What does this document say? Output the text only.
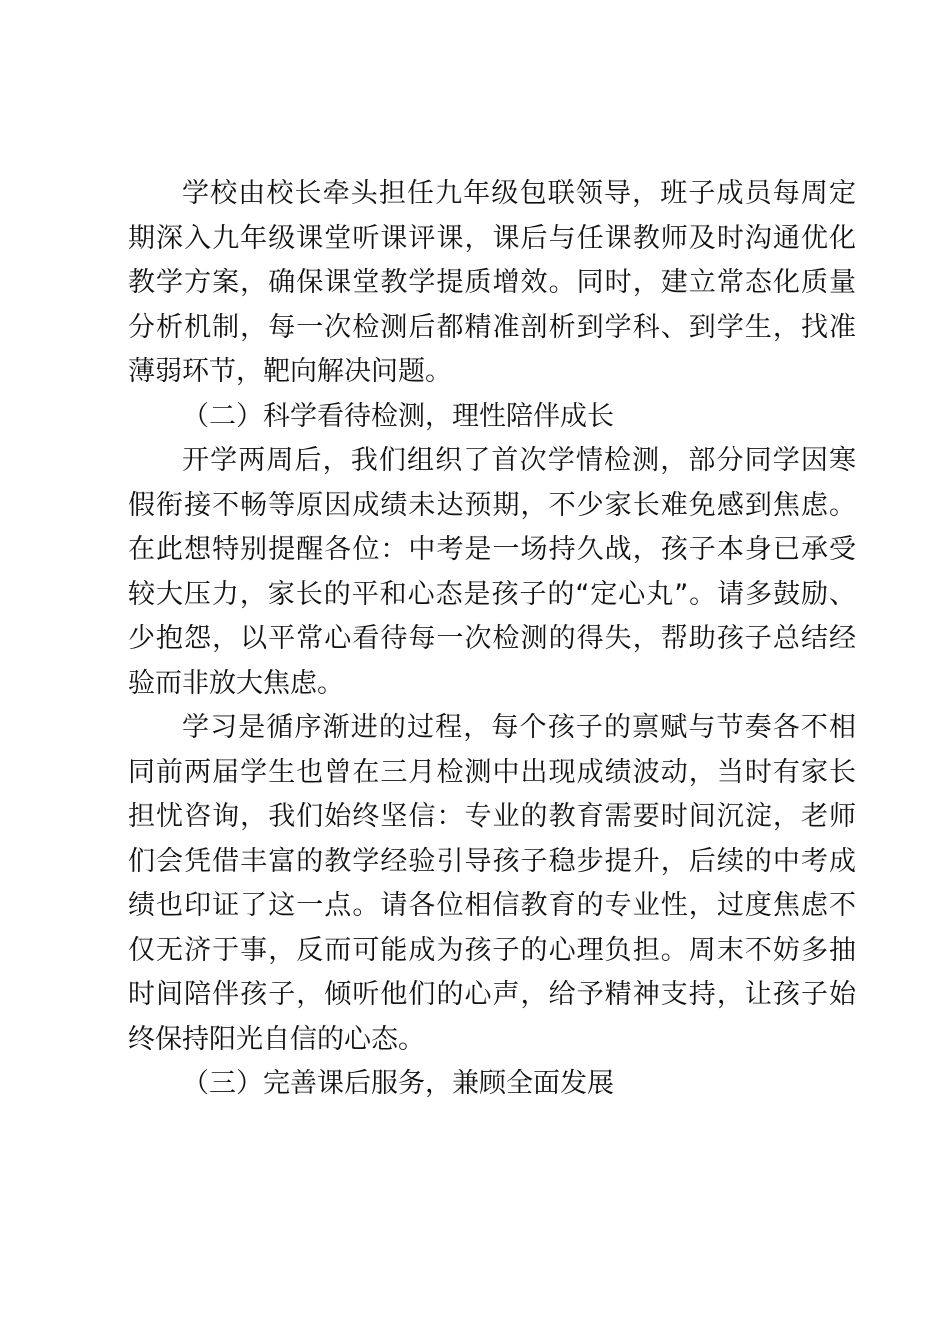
学校由校长牵头担任九年级包联领导，班子成员每周定期深入九年级课堂听课评课，课后与任课教师及时沟通优化教学方案，确保课堂教学提质增效。同时，建立常态化质量分析机制，每一次检测后都精准剖析到学科、到学生，找准薄弱环节，靶向解决问题。

（二）科学看待检测，理性陪伴成长

开学两周后，我们组织了首次学情检测，部分同学因寒假衔接不畅等原因成绩未达预期，不少家长难免感到焦虑。在此想特别提醒各位：中考是一场持久战，孩子本身已承受较大压力，家长的平和心态是孩子的“定心丸”。请多鼓励、少抱怨，以平常心看待每一次检测的得失，帮助孩子总结经验而非放大焦虑。

学习是循序渐进的过程，每个孩子的禀赋与节奏各不相同前两届学生也曾在三月检测中出现成绩波动，当时有家长担忧咨询，我们始终坚信：专业的教育需要时间沉淀，老师们会凭借丰富的教学经验引导孩子稳步提升，后续的中考成绩也印证了这一点。请各位相信教育的专业性，过度焦虑不仅无济于事，反而可能成为孩子的心理负担。周末不妨多抽时间陪伴孩子，倾听他们的心声，给予精神支持，让孩子始终保持阳光自信的心态。

（三）完善课后服务，兼顾全面发展
